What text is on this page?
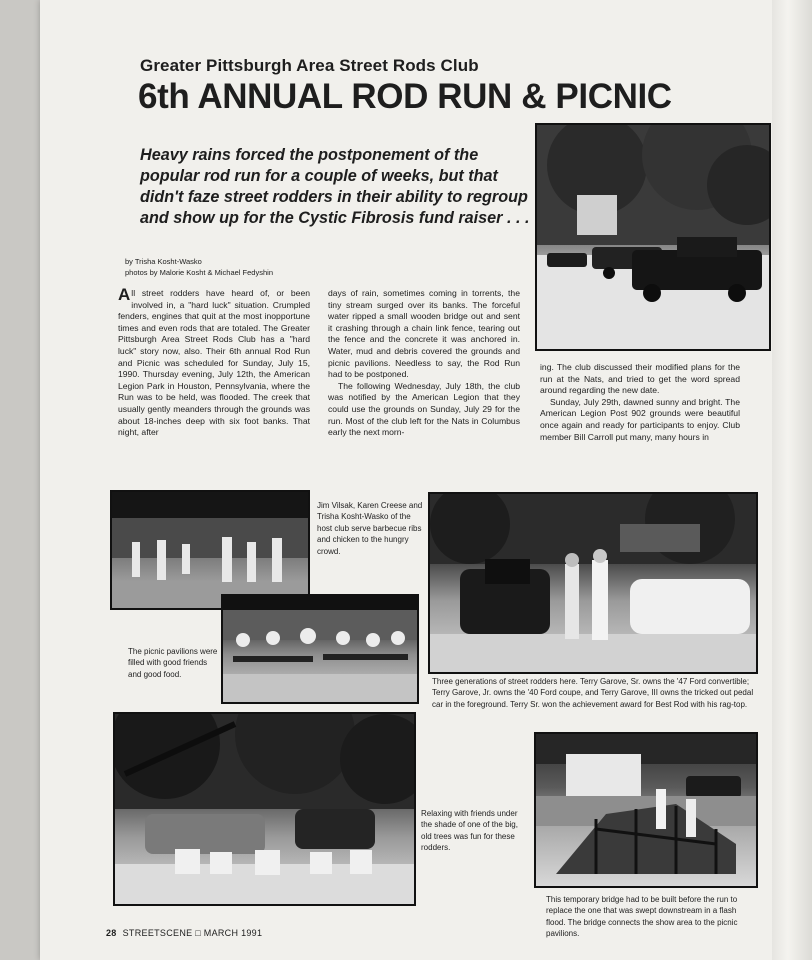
Greater Pittsburgh Area Street Rods Club
6th ANNUAL ROD RUN & PICNIC
Heavy rains forced the postponement of the popular rod run for a couple of weeks, but that didn't faze street rodders in their ability to regroup and show up for the Cystic Fibrosis fund raiser . . .
by Trisha Kosht-Wasko
photos by Malorie Kosht & Michael Fedyshin

All street rodders have heard of, or been involved in, a "hard luck" situation. Crumpled fenders, engines that quit at the most inopportune times and even rods that are totaled. The Greater Pittsburgh Area Street Rods Club has a "hard luck" story now, also. Their 6th annual Rod Run and Picnic was scheduled for Sunday, July 15, 1990. Thursday evening, July 12th, the American Legion Park in Houston, Pennsylvania, where the Run was to be held, was flooded. The creek that usually gently meanders through the grounds was about 18-inches deep with six foot banks. That night, after

days of rain, sometimes coming in torrents, the tiny stream surged over its banks. The forceful water ripped a small wooden bridge out and sent it crashing through a chain link fence, tearing out the fence and the concrete it was anchored in. Water, mud and debris covered the grounds and picnic pavilions. Needless to say, the Rod Run had to be postponed.

The following Wednesday, July 18th, the club was notified by the American Legion that they could use the grounds on Sunday, July 29 for the run. Most of the club left for the Nats in Columbus early the next morn-

ing. The club discussed their modified plans for the run at the Nats, and tried to get the word spread around regarding the new date.

Sunday, July 29th, dawned sunny and bright. The American Legion Post 902 grounds were beautiful once again and ready for participants to enjoy. Club member Bill Carroll put many, many hours in

Jim Vilsak, Karen Creese and Trisha Kosht-Wasko of the host club serve barbecue ribs and chicken to the hungry crowd.
The picnic pavilions were filled with good friends and good food.
Three generations of street rodders here. Terry Garove, Sr. owns the '47 Ford convertible; Terry Garove, Jr. owns the '40 Ford coupe, and Terry Garove, III owns the tricked out pedal car in the foreground. Terry Sr. won the achievement award for Best Rod with his rag-top.
Relaxing with friends under the shade of one of the big, old trees was fun for these rodders.
This temporary bridge had to be built before the run to replace the one that was swept downstream in a flash flood. The bridge connects the show area to the picnic pavilions.
28 STREETSCENE □ MARCH 1991
